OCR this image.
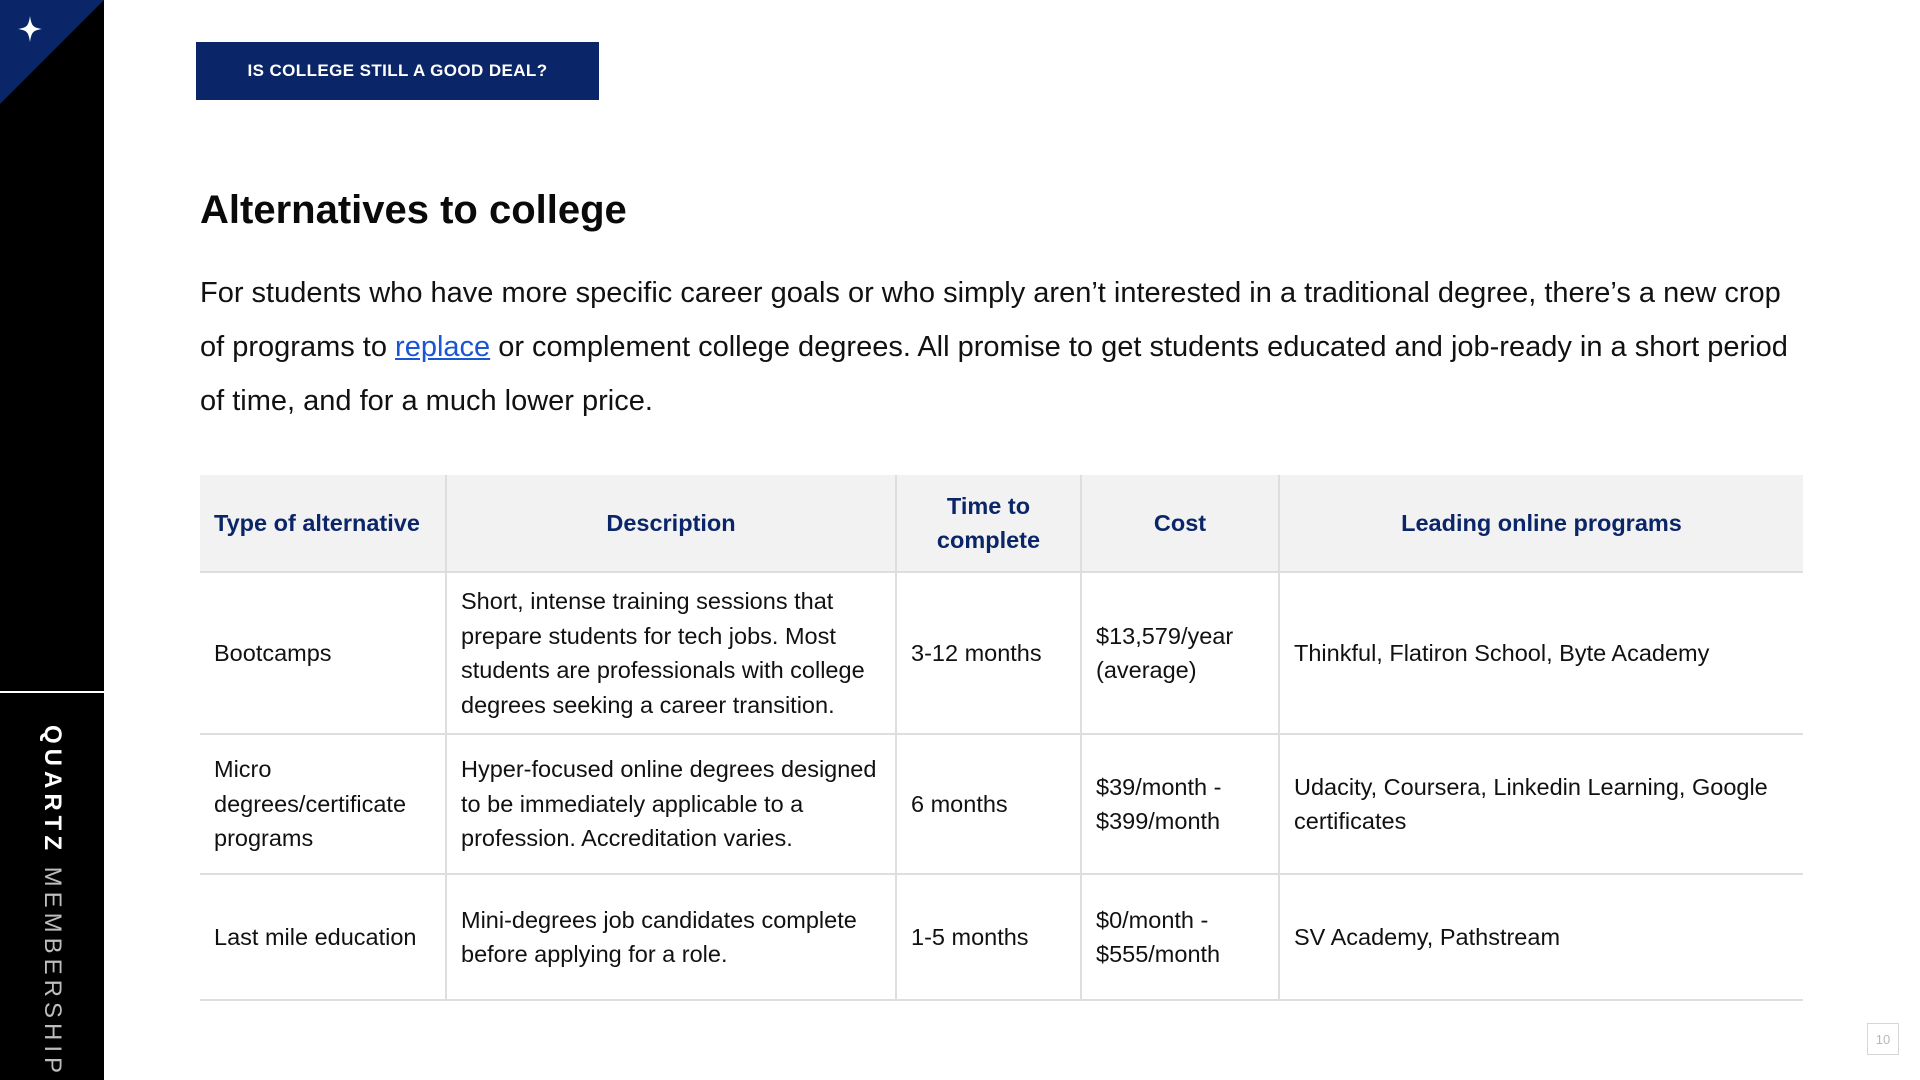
QUARTZ MEMBERSHIP
IS COLLEGE STILL A GOOD DEAL?
Alternatives to college

For students who have more specific career goals or who simply aren’t interested in a traditional degree, there’s a new crop of programs to replace or complement college degrees. All promise to get students educated and job-ready in a short period of time, and for a much lower price.

Type of alternative	Description	Time to complete	Cost	Leading online programs
Bootcamps	Short, intense training sessions that prepare students for tech jobs. Most students are professionals with college degrees seeking a career transition.	3-12 months	$13,579/year (average)	Thinkful, Flatiron School, Byte Academy
Micro degrees/certificate programs	Hyper-focused online degrees designed to be immediately applicable to a profession. Accreditation varies.	6 months	$39/month - $399/month	Udacity, Coursera, Linkedin Learning, Google certificates
Last mile education	Mini-degrees job candidates complete before applying for a role.	1-5 months	$0/month - $555/month	SV Academy, Pathstream
10
